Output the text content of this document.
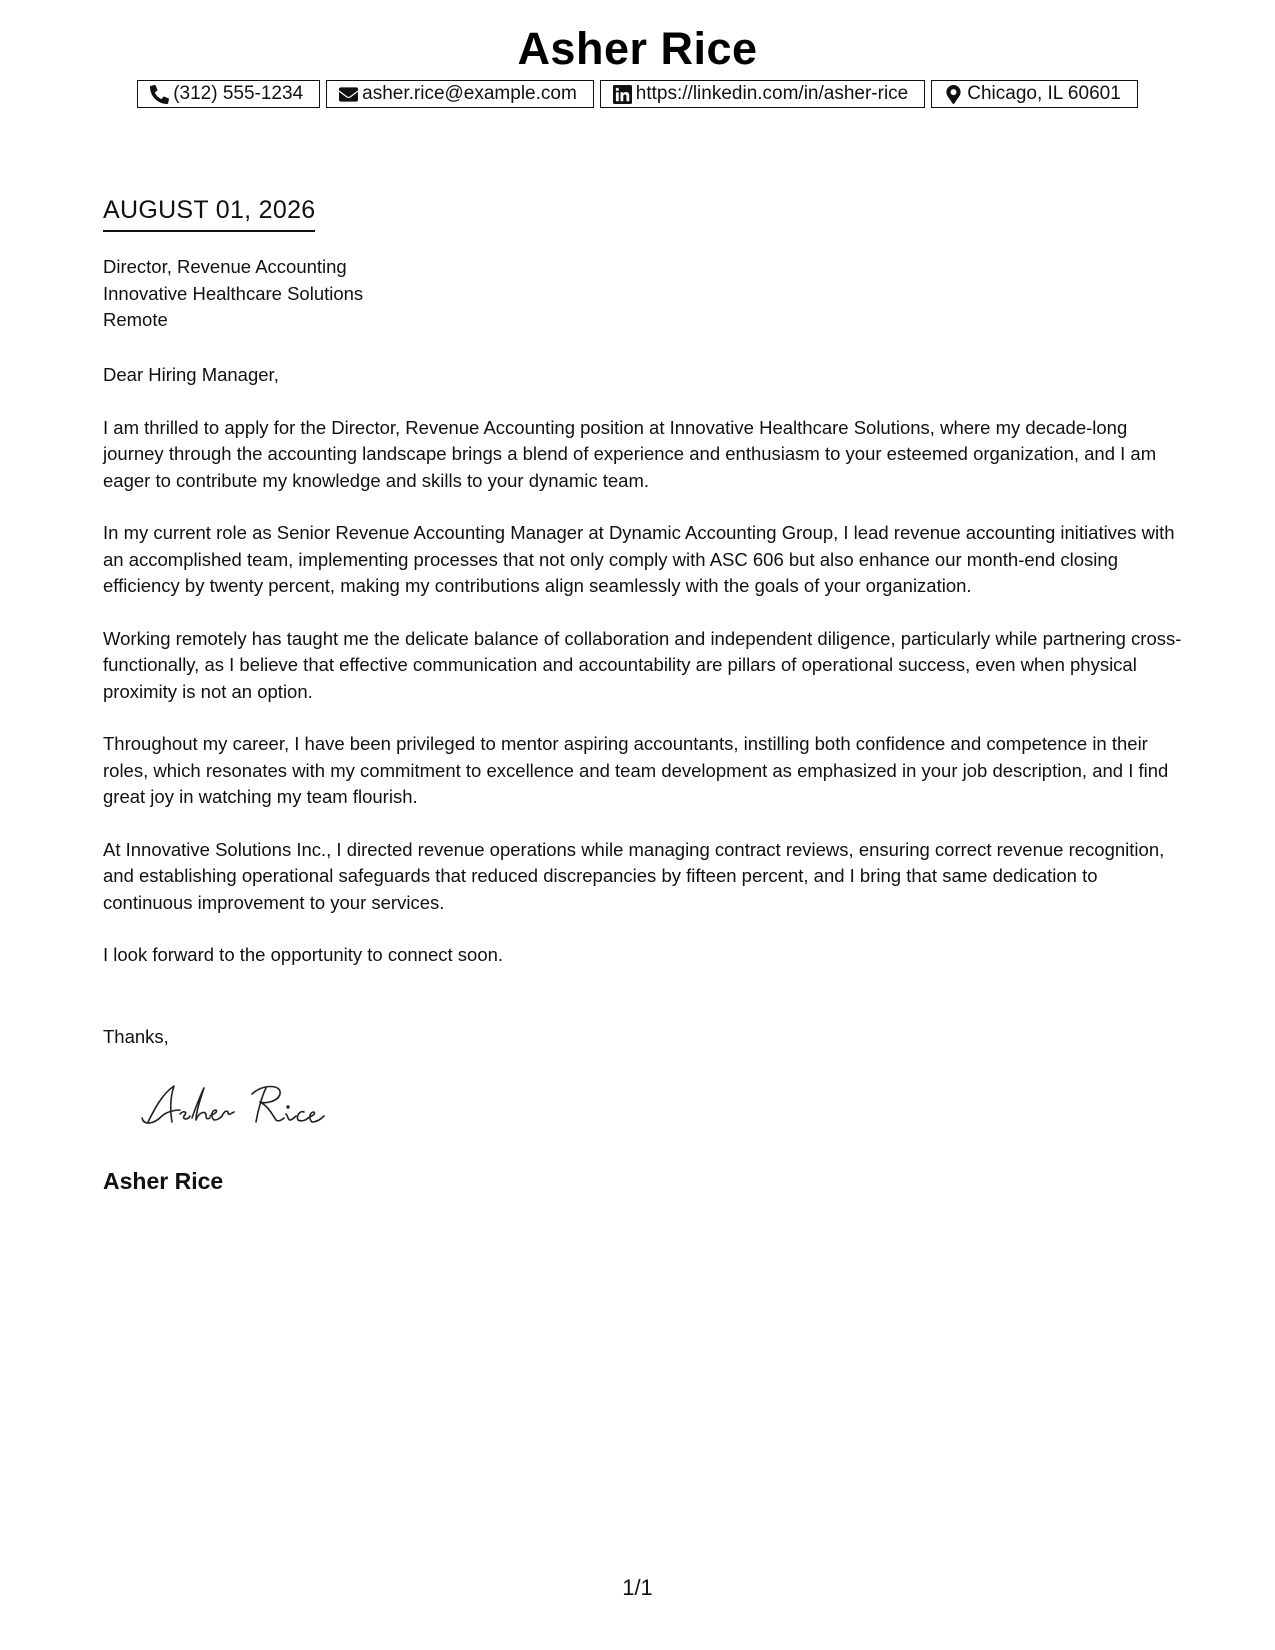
Asher Rice
(312) 555-1234	asher.rice@example.com	https://linkedin.com/in/asher-rice	Chicago, IL 60601
AUGUST 01, 2026
Director, Revenue Accounting
Innovative Healthcare Solutions
Remote
Dear Hiring Manager,

I am thrilled to apply for the Director, Revenue Accounting position at Innovative Healthcare Solutions, where my decade-long journey through the accounting landscape brings a blend of experience and enthusiasm to your esteemed organization, and I am eager to contribute my knowledge and skills to your dynamic team.

In my current role as Senior Revenue Accounting Manager at Dynamic Accounting Group, I lead revenue accounting initiatives with an accomplished team, implementing processes that not only comply with ASC 606 but also enhance our month-end closing efficiency by twenty percent, making my contributions align seamlessly with the goals of your organization.

Working remotely has taught me the delicate balance of collaboration and independent diligence, particularly while partnering cross-functionally, as I believe that effective communication and accountability are pillars of operational success, even when physical proximity is not an option.

Throughout my career, I have been privileged to mentor aspiring accountants, instilling both confidence and competence in their roles, which resonates with my commitment to excellence and team development as emphasized in your job description, and I find great joy in watching my team flourish.

At Innovative Solutions Inc., I directed revenue operations while managing contract reviews, ensuring correct revenue recognition, and establishing operational safeguards that reduced discrepancies by fifteen percent, and I bring that same dedication to continuous improvement to your services.

I look forward to the opportunity to connect soon.

Thanks,
Asher Rice
1/1
